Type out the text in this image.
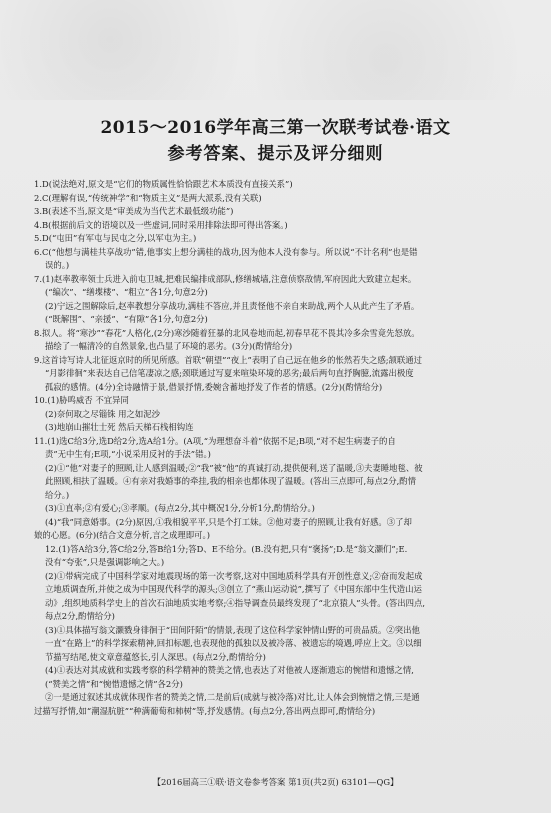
2015～2016学年高三第一次联考试卷·语文
参考答案、提示及评分细则
1.D(说法绝对,原文是“它们的物质属性恰恰跟艺术本质没有直接关系”)
2.C(理解有误,“传统神学”和“物质主义”是两大派系,没有关联)
3.B(表述不当,原文是“审美成为当代艺术最低级功能”)
4.B(根据前后文的语境以及一些虚词,同时采用排除法即可得出答案。)
5.D(“屯田”有军屯与民屯之分,以军屯为主。)
6.C(“他想与满桂共享战功”错,他事实上想分满桂的战功,因为他本人没有参与。所以说“不计名利”也是错
误的。)
7.(1)赵率教率领士兵进入前屯卫城,把难民编排成部队,修缮城墙,注意侦察敌情,军府因此大致建立起来。
(“编次”、“缮堞楼”、“粗立”各1分,句意2分)
(2)宁远之围解除后,赵率教想分享战功,满桂不答应,并且责怪他不亲自来助战,两个人从此产生了矛盾。
(“既解围”、“亲援”、“有隙”各1分,句意2分)
8.拟人。将“寒沙”“春花”人格化,(2分)寒沙随着狂暴的北风卷地而起,初春早花不畏其冷多余雪竟先怒放。
描绘了一幅清冷的自然景象,也凸显了环境的恶劣。(3分)(酌情给分)
9.这首诗写诗人北征返京时的所见所感。首联“朝望”“夜上”表明了自己远在他乡的怅然若失之感;颔联通过
“月影徘徊”来表达自己信笔凄凉之感;颈联通过写夏来喧染环境的恶劣;最后两句直抒胸臆,流露出极度
孤寂的感情。(4分)全诗融情于景,借景抒情,委婉含蓄地抒发了作者的情感。(2分)(酌情给分)
10.(1)胁鸣威否 不宜异同
(2)奈何取之尽锱铢 用之如泥沙
(3)地崩山摧壮士死 然后天梯石栈相钩连
11.(1)选C给3分,选D给2分,选A给1分。(A项,“为理想奋斗着”依据不足;B项,“对不起生病妻子的自
责”无中生有;E项,“小说采用反衬的手法”错。)
(2)①“他”对妻子的照顾,让人感到温暖;②“我”被“他”的真诚打动,提供便利,送了温暖,③夫妻睡地毯、彼
此照顾,相扶了温暖。④有亲对我婚事的牵挂,我的相亲也都体现了温暖。(答出三点即可,每点2分,酌情
给分。)
(3)①直率;②有爱心;③孝顺。(每点2分,其中概况1分,分析1分,酌情给分。)
(4)“我”同意婚事。(2分)原因,①我相貌平平,只是个打工妹。②他对妻子的照顾,让我有好感。③了却
娘的心愿。(6分)(结合文意分析,言之成理即可。)
12.(1)答A给3分,答C给2分,答B给1分;答D、E不给分。(B.没有把,只有“褒扬”;D.是“翁文灏们”;E.
没有“夸张”,只是强调影响之大。)
(2)①带病完成了中国科学家对地震现场的第一次考察,这对中国地质科学具有开创性意义;②奋而发起成
立地质调查所,并使之成为中国现代科学的源头;③创立了“燕山运动说”,撰写了《中国东部中生代造山运
动》,组织地质科学史上的首次石油地质实地考察;④指导调查员最终发现了“北京猿人”头骨。(答出四点,
每点2分,酌情给分)
(3)①具体描写翁文灏戮身徘徊于“田间阡陌”的情景,表现了这位科学家钟情山野的可贵品质。②突出他
一直“在路上”的科学探索精神,回扣标题,也表现他的孤独以及被冷落、被遗忘的境遇,呼应上文。③以细
节描写结尾,使文章意蕴悠长,引人深思。(每点2分,酌情给分)
(4)①表达对其成就和实践考察的科学精神的赞美之情,也表达了对他被人逐渐遗忘的惋惜和遗憾之情,
(“赞美之情”和“惋惜遗憾之情”各2分)
②一是通过叙述其成就体现作者的赞美之情,二是前后(成就与被冷落)对比,让人体会到惋惜之情,三是通
过描写抒情,如“潮湿肮脏”“种满葡萄和柿树”等,抒发感情。(每点2分,答出两点即可,酌情给分)
【2016届高三①联·语文卷参考答案 第1页(共2页) 63101—QG】
